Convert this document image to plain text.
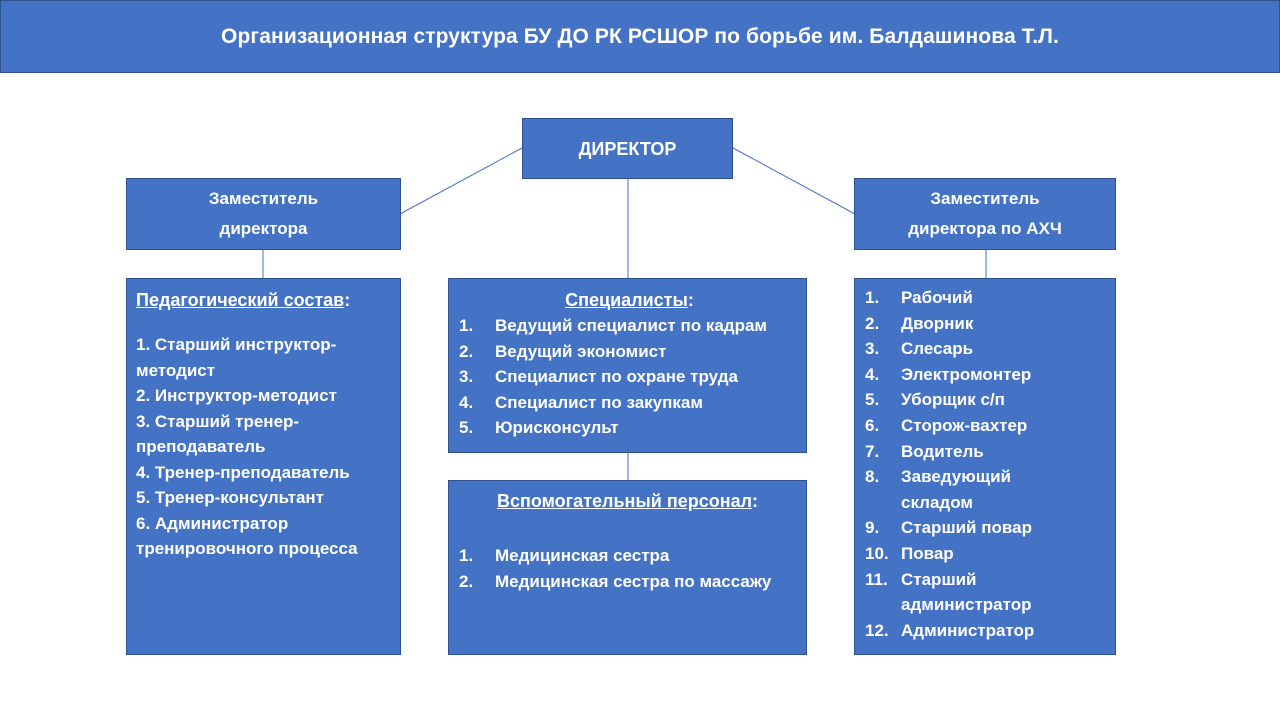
Организационная структура БУ ДО РК РСШОР по борьбе им. Балдашинова Т.Л.
ДИРЕКТОР
Заместитель
директора
Заместитель
директора по АХЧ
Педагогический состав:
1. Старший инструктор-
методист
2. Инструктор-методист
3. Старший тренер-
преподаватель
4. Тренер-преподаватель
5. Тренер-консультант
6. Администратор
тренировочного процесса
Специалисты:
1.	Ведущий специалист по кадрам
2.	Ведущий экономист
3.	Специалист по охране труда
4.	Специалист по закупкам
5.	Юрисконсульт
Вспомогательный персонал:
1.	Медицинская сестра
2.	Медицинская сестра по массажу
1.	Рабочий
2.	Дворник
3.	Слесарь
4.	Электромонтер
5.	Уборщик с/п
6.	Сторож-вахтер
7.	Водитель
8.	Заведующий складом
9.	Старший повар
10. Повар
11. Старший администратор
12. Администратор
